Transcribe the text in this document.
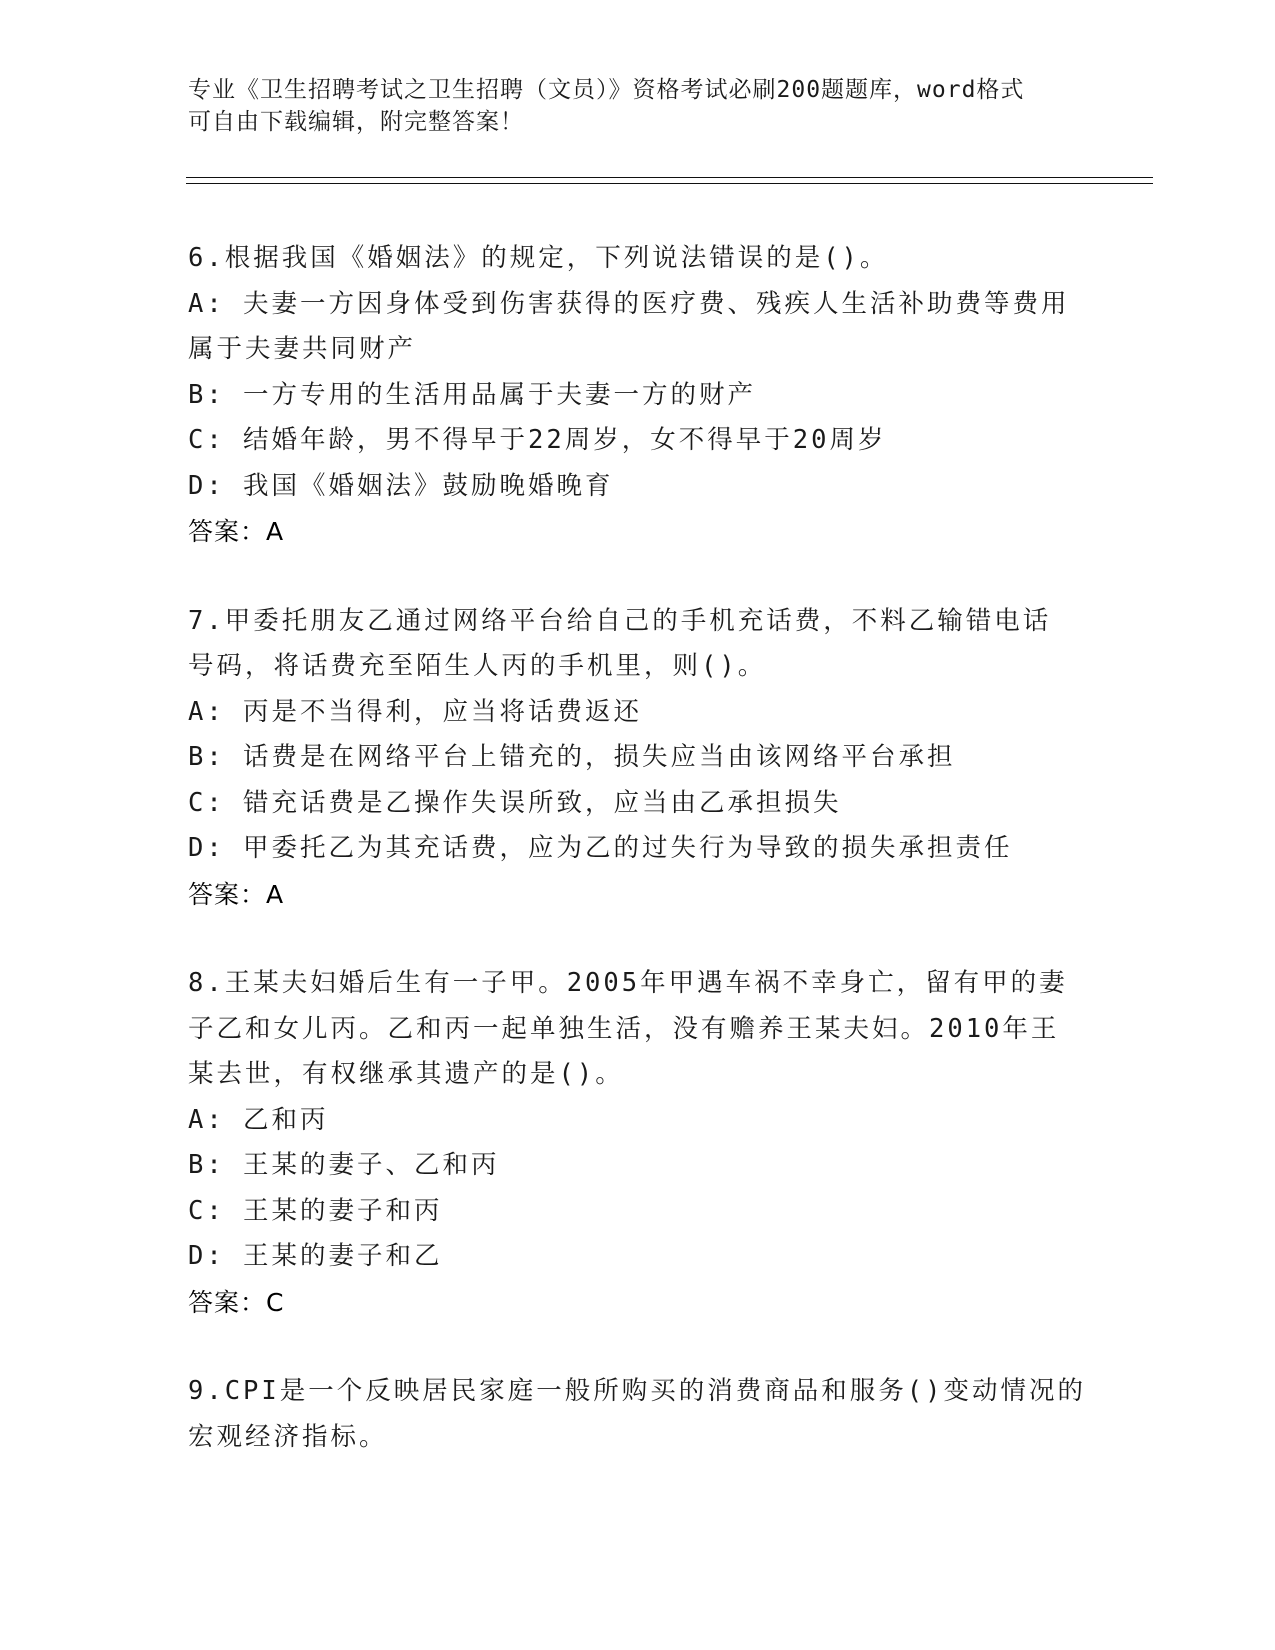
专业《卫生招聘考试之卫生招聘（文员）》资格考试必刷200题题库，word格式
可自由下载编辑，附完整答案！
6.根据我国《婚姻法》的规定，下列说法错误的是()。
A: 夫妻一方因身体受到伤害获得的医疗费、残疾人生活补助费等费用
属于夫妻共同财产
B: 一方专用的生活用品属于夫妻一方的财产
C: 结婚年龄，男不得早于22周岁，女不得早于20周岁
D: 我国《婚姻法》鼓励晚婚晚育
答案：A
7.甲委托朋友乙通过网络平台给自己的手机充话费，不料乙输错电话
号码，将话费充至陌生人丙的手机里，则()。
A: 丙是不当得利，应当将话费返还
B: 话费是在网络平台上错充的，损失应当由该网络平台承担
C: 错充话费是乙操作失误所致，应当由乙承担损失
D: 甲委托乙为其充话费，应为乙的过失行为导致的损失承担责任
答案：A
8.王某夫妇婚后生有一子甲。2005年甲遇车祸不幸身亡，留有甲的妻
子乙和女儿丙。乙和丙一起单独生活，没有赡养王某夫妇。2010年王
某去世，有权继承其遗产的是()。
A: 乙和丙
B: 王某的妻子、乙和丙
C: 王某的妻子和丙
D: 王某的妻子和乙
答案：C
9.CPI是一个反映居民家庭一般所购买的消费商品和服务()变动情况的
宏观经济指标。
